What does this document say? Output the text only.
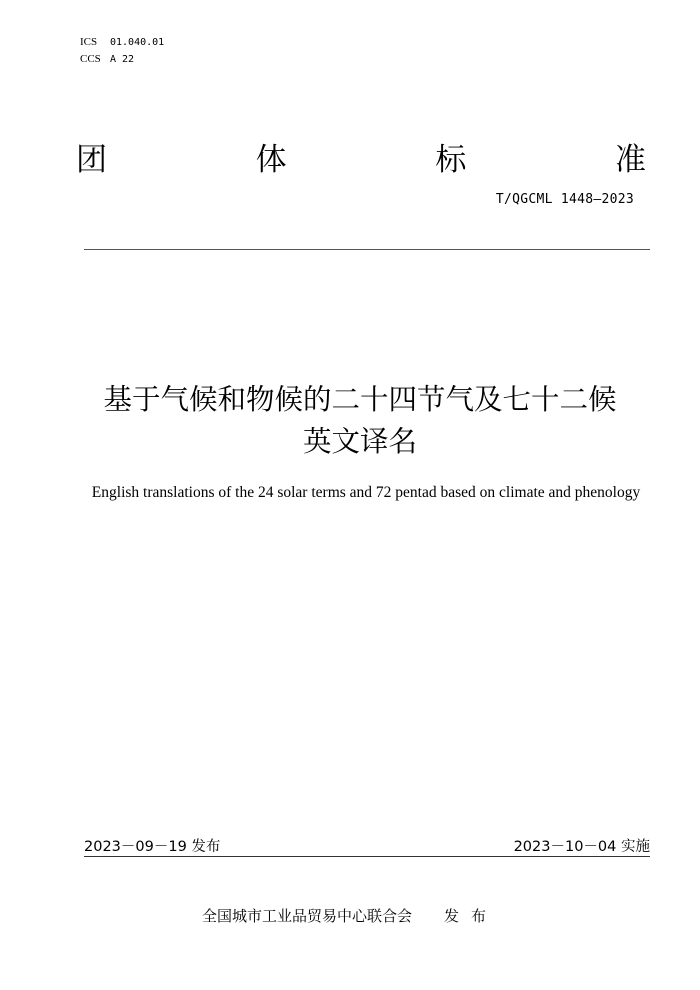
ICS 01.040.01
CCS A 22
团	体	标	准
T/QGCML 1448—2023
基于气候和物候的二十四节气及七十二候
英文译名
English translations of the 24 solar terms and 72 pentad based on climate and phenology
2023－09－19 发布	2023－10－04 实施
全国城市工业品贸易中心联合会 发布
